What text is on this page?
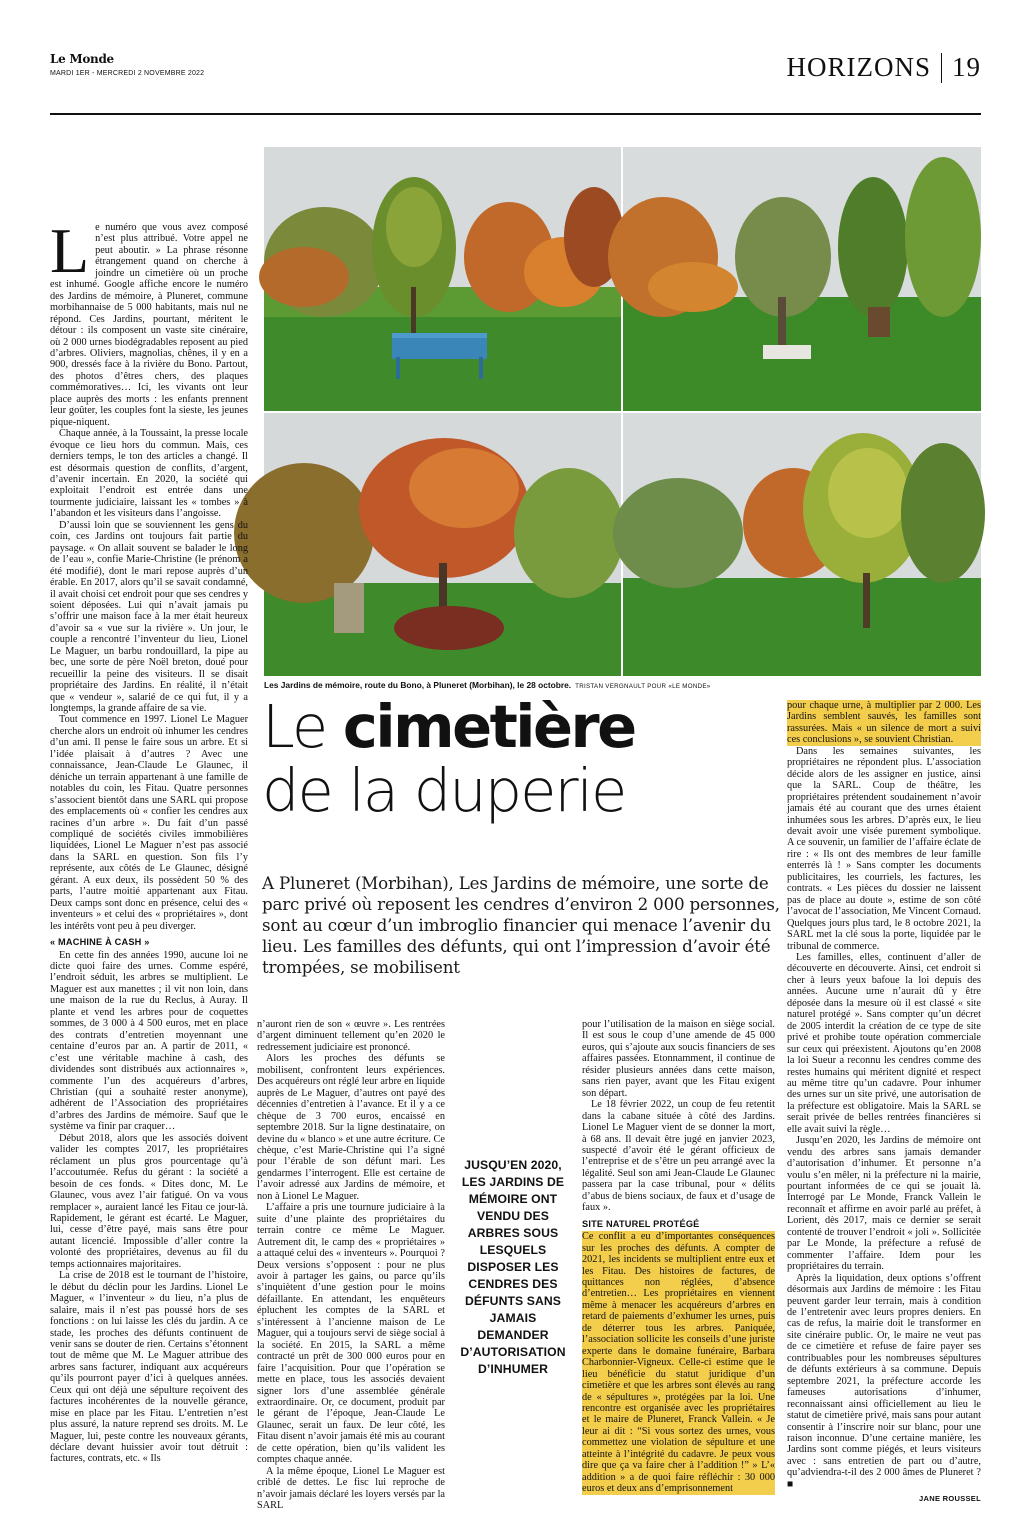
Le Monde
MARDI 1ER - MERCREDI 2 NOVEMBRE 2022	HORIZONS 19
Les Jardins de mémoire, route du Bono, à Pluneret (Morbihan), le 28 octobre. TRISTAN VERGNAULT POUR «LE MONDE»
Le cimetière
de la duperie
A Pluneret (Morbihan), Les Jardins de mémoire, une sorte de parc privé où reposent les cendres d’environ 2 000 personnes, sont au cœur d’un imbroglio financier qui menace l’avenir du lieu. Les familles des défunts, qui ont l’impression d’avoir été trompées, se mobilisent
JUSQU’EN 2020, LES JARDINS DE MÉMOIRE ONT VENDU DES ARBRES SOUS LESQUELS DISPOSER LES CENDRES DES DÉFUNTS SANS JAMAIS DEMANDER D’AUTORISATION D’INHUMER
L e numéro que vous avez composé n’est plus attribué. Votre appel ne peut aboutir. » La phrase résonne étrangement quand on cherche à joindre un cimetière où un proche est inhumé. Google affiche encore le numéro des Jardins de mémoire, à Pluneret, commune morbihannaise de 5 000 habitants, mais nul ne répond. Ces Jardins, pourtant, méritent le détour : ils composent un vaste site cinéraire, où 2 000 urnes biodégradables reposent au pied d’arbres. Oliviers, magnolias, chênes, il y en a 900, dressés face à la rivière du Bono. Partout, des photos d’êtres chers, des plaques commémoratives… Ici, les vivants ont leur place auprès des morts : les enfants prennent leur goûter, les couples font la sieste, les jeunes pique-niquent.

Chaque année, à la Toussaint, la presse locale évoque ce lieu hors du commun. Mais, ces derniers temps, le ton des articles a changé. Il est désormais question de conflits, d’argent, d’avenir incertain. En 2020, la société qui exploitait l’endroit est entrée dans une tourmente judiciaire, laissant les « tombes » à l’abandon et les visiteurs dans l’angoisse.

D’aussi loin que se souviennent les gens du coin, ces Jardins ont toujours fait partie du paysage. « On allait souvent se balader le long de l’eau », confie Marie-Christine (le prénom a été modifié), dont le mari repose auprès d’un érable. En 2017, alors qu’il se savait condamné, il avait choisi cet endroit pour que ses cendres y soient déposées. Lui qui n’avait jamais pu s’offrir une maison face à la mer était heureux d’avoir sa « vue sur la rivière ». Un jour, le couple a rencontré l’inventeur du lieu, Lionel Le Maguer, un barbu rondouillard, la pipe au bec, une sorte de père Noël breton, doué pour recueillir la peine des visiteurs. Il se disait propriétaire des Jardins. En réalité, il n’était que « vendeur », salarié de ce qui fut, il y a longtemps, la grande affaire de sa vie.

Tout commence en 1997. Lionel Le Maguer cherche alors un endroit où inhumer les cendres d’un ami. Il pense le faire sous un arbre. Et si l’idée plaisait à d’autres ? Avec une connaissance, Jean-Claude Le Glaunec, il déniche un terrain appartenant à une famille de notables du coin, les Fitau. Quatre personnes s’associent bientôt dans une SARL qui propose des emplacements où « confier les cendres aux racines d’un arbre ». Du fait d’un passé compliqué de sociétés civiles immobilières liquidées, Lionel Le Maguer n’est pas associé dans la SARL en question. Son fils l’y représente, aux côtés de Le Glaunec, désigné gérant. A eux deux, ils possèdent 50 % des parts, l’autre moitié appartenant aux Fitau. Deux camps sont donc en présence, celui des « inventeurs » et celui des « propriétaires », dont les intérêts vont peu à peu diverger.

« MACHINE À CASH »

En cette fin des années 1990, aucune loi ne dicte quoi faire des urnes. Comme espéré, l’endroit séduit, les arbres se multiplient. Le Maguer est aux manettes ; il vit non loin, dans une maison de la rue du Reclus, à Auray. Il plante et vend les arbres pour de coquettes sommes, de 3 000 à 4 500 euros, met en place des contrats d’entretien moyennant une centaine d’euros par an. A partir de 2011, « c’est une véritable machine à cash, des dividendes sont distribués aux actionnaires », commente l’un des acquéreurs d’arbres, Christian (qui a souhaité rester anonyme), adhérent de l’Association des propriétaires d’arbres des Jardins de mémoire. Sauf que le système va finir par craquer…

Début 2018, alors que les associés doivent valider les comptes 2017, les propriétaires réclament un plus gros pourcentage qu’à l’accoutumée. Refus du gérant : la société a besoin de ces fonds. « Dites donc, M. Le Glaunec, vous avez l’air fatigué. On va vous remplacer », auraient lancé les Fitau ce jour-là. Rapidement, le gérant est écarté. Le Maguer, lui, cesse d’être payé, mais sans être pour autant licencié. Impossible d’aller contre la volonté des propriétaires, devenus au fil du temps actionnaires majoritaires.

La crise de 2018 est le tournant de l’histoire, le début du déclin pour les Jardins. Lionel Le Maguer, « l’inventeur » du lieu, n’a plus de salaire, mais il n’est pas poussé hors de ses fonctions : on lui laisse les clés du jardin. A ce stade, les proches des défunts continuent de venir sans se douter de rien. Certains s’étonnent tout de même que M. Le Maguer attribue des arbres sans facturer, indiquant aux acquéreurs qu’ils pourront payer d’ici à quelques années. Ceux qui ont déjà une sépulture reçoivent des factures incohérentes de la nouvelle gérance, mise en place par les Fitau. L’entretien n’est plus assuré, la nature reprend ses droits. M. Le Maguer, lui, peste contre les nouveaux gérants, déclare devant huissier avoir tout détruit : factures, contrats, etc. « Ils

n’auront rien de son « œuvre ». Les rentrées d’argent diminuent tellement qu’en 2020 le redressement judiciaire est prononcé.

Alors les proches des défunts se mobilisent, confrontent leurs expériences. Des acquéreurs ont réglé leur arbre en liquide auprès de Le Maguer, d’autres ont payé des décennies d’entretien à l’avance. Et il y a ce chèque de 3 700 euros, encaissé en septembre 2018. Sur la ligne destinataire, on devine du « blanco » et une autre écriture. Ce chèque, c’est Marie-Christine qui l’a signé pour l’érable de son défunt mari. Les gendarmes l’interrogent. Elle est certaine de l’avoir adressé aux Jardins de mémoire, et non à Lionel Le Maguer.

L’affaire a pris une tournure judiciaire à la suite d’une plainte des propriétaires du terrain contre ce même Le Maguer. Autrement dit, le camp des « propriétaires » a attaqué celui des « inventeurs ». Pourquoi ? Deux versions s’opposent : pour ne plus avoir à partager les gains, ou parce qu’ils s’inquiètent d’une gestion pour le moins défaillante. En attendant, les enquêteurs épluchent les comptes de la SARL et s’intéressent à l’ancienne maison de Le Maguer, qui a toujours servi de siège social à la société. En 2015, la SARL a même contracté un prêt de 300 000 euros pour en faire l’acquisition. Pour que l’opération se mette en place, tous les associés devaient signer lors d’une assemblée générale extraordinaire. Or, ce document, produit par le gérant de l’époque, Jean-Claude Le Glaunec, serait un faux. De leur côté, les Fitau disent n’avoir jamais été mis au courant de cette opération, bien qu’ils valident les comptes chaque année.

A la même époque, Lionel Le Maguer est criblé de dettes. Le fisc lui reproche de n’avoir jamais déclaré les loyers versés par la SARL

pour l’utilisation de la maison en siège social. Il est sous le coup d’une amende de 45 000 euros, qui s’ajoute aux soucis financiers de ses affaires passées. Etonnamment, il continue de résider plusieurs années dans cette maison, sans rien payer, avant que les Fitau exigent son départ.

Le 18 février 2022, un coup de feu retentit dans la cabane située à côté des Jardins. Lionel Le Maguer vient de se donner la mort, à 68 ans. Il devait être jugé en janvier 2023, suspecté d’avoir été le gérant officieux de l’entreprise et de s’être un peu arrangé avec la légalité. Seul son ami Jean-Claude Le Glaunec passera par la case tribunal, pour « délits d’abus de biens sociaux, de faux et d’usage de faux ».

SITE NATUREL PROTÉGÉ

Ce conflit a eu d’importantes conséquences sur les proches des défunts. A compter de 2021, les incidents se multiplient entre eux et les Fitau. Des histoires de factures, de quittances non réglées, d’absence d’entretien… Les propriétaires en viennent même à menacer les acquéreurs d’arbres en retard de paiements d’exhumer les urnes, puis de déterrer tous les arbres. Paniquée, l’association sollicite les conseils d’une juriste experte dans le domaine funéraire, Barbara Charbonnier-Vigneux. Celle-ci estime que le lieu bénéficie du statut juridique d’un cimetière et que les arbres sont élevés au rang de « sépultures », protégées par la loi. Une rencontre est organisée avec les propriétaires et le maire de Pluneret, Franck Vallein. « Je leur ai dit : “Si vous sortez des urnes, vous commettez une violation de sépulture et une atteinte à l’intégrité du cadavre. Je peux vous dire que ça va faire cher à l’addition !” » L’« addition » a de quoi faire réfléchir : 30 000 euros et deux ans d’emprisonnement

pour chaque urne, à multiplier par 2 000. Les Jardins semblent sauvés, les familles sont rassurées. Mais « un silence de mort a suivi ces conclusions », se souvient Christian.

Dans les semaines suivantes, les propriétaires ne répondent plus. L’association décide alors de les assigner en justice, ainsi que la SARL. Coup de théâtre, les propriétaires prétendent soudainement n’avoir jamais été au courant que des urnes étaient inhumées sous les arbres. D’après eux, le lieu devait avoir une visée purement symbolique. A ce souvenir, un familier de l’affaire éclate de rire : « Ils ont des membres de leur famille enterrés là ! » Sans compter les documents publicitaires, les courriels, les factures, les contrats. « Les pièces du dossier ne laissent pas de place au doute », estime de son côté l’avocat de l’association, Me Vincent Cornaud. Quelques jours plus tard, le 8 octobre 2021, la SARL met la clé sous la porte, liquidée par le tribunal de commerce.

Les familles, elles, continuent d’aller de découverte en découverte. Ainsi, cet endroit si cher à leurs yeux bafoue la loi depuis des années. Aucune urne n’aurait dû y être déposée dans la mesure où il est classé « site naturel protégé ». Sans compter qu’un décret de 2005 interdit la création de ce type de site privé et prohibe toute opération commerciale sur ceux qui préexistent. Ajoutons qu’en 2008 la loi Sueur a reconnu les cendres comme des restes humains qui méritent dignité et respect au même titre qu’un cadavre. Pour inhumer des urnes sur un site privé, une autorisation de la préfecture est obligatoire. Mais la SARL se serait privée de belles rentrées financières si elle avait suivi la règle…

Jusqu’en 2020, les Jardins de mémoire ont vendu des arbres sans jamais demander d’autorisation d’inhumer. Et personne n’a voulu s’en mêler, ni la préfecture ni la mairie, pourtant informées de ce qui se jouait là. Interrogé par Le Monde, Franck Vallein le reconnaît et affirme en avoir parlé au préfet, à Lorient, dès 2017, mais ce dernier se serait contenté de trouver l’endroit « joli ». Sollicitée par Le Monde, la préfecture a refusé de commenter l’affaire. Idem pour les propriétaires du terrain.

Après la liquidation, deux options s’offrent désormais aux Jardins de mémoire : les Fitau peuvent garder leur terrain, mais à condition de l’entretenir avec leurs propres deniers. En cas de refus, la mairie doit le transformer en site cinéraire public. Or, le maire ne veut pas de ce cimetière et refuse de faire payer ses contribuables pour les nombreuses sépultures de défunts extérieurs à sa commune. Depuis septembre 2021, la préfecture accorde les fameuses autorisations d’inhumer, reconnaissant ainsi officiellement au lieu le statut de cimetière privé, mais sans pour autant consentir à l’inscrire noir sur blanc, pour une raison inconnue. D’une certaine manière, les Jardins sont comme piégés, et leurs visiteurs avec : sans entretien de part ou d’autre, qu’adviendra-t-il des 2 000 âmes de Pluneret ? ■

JANE ROUSSEL
